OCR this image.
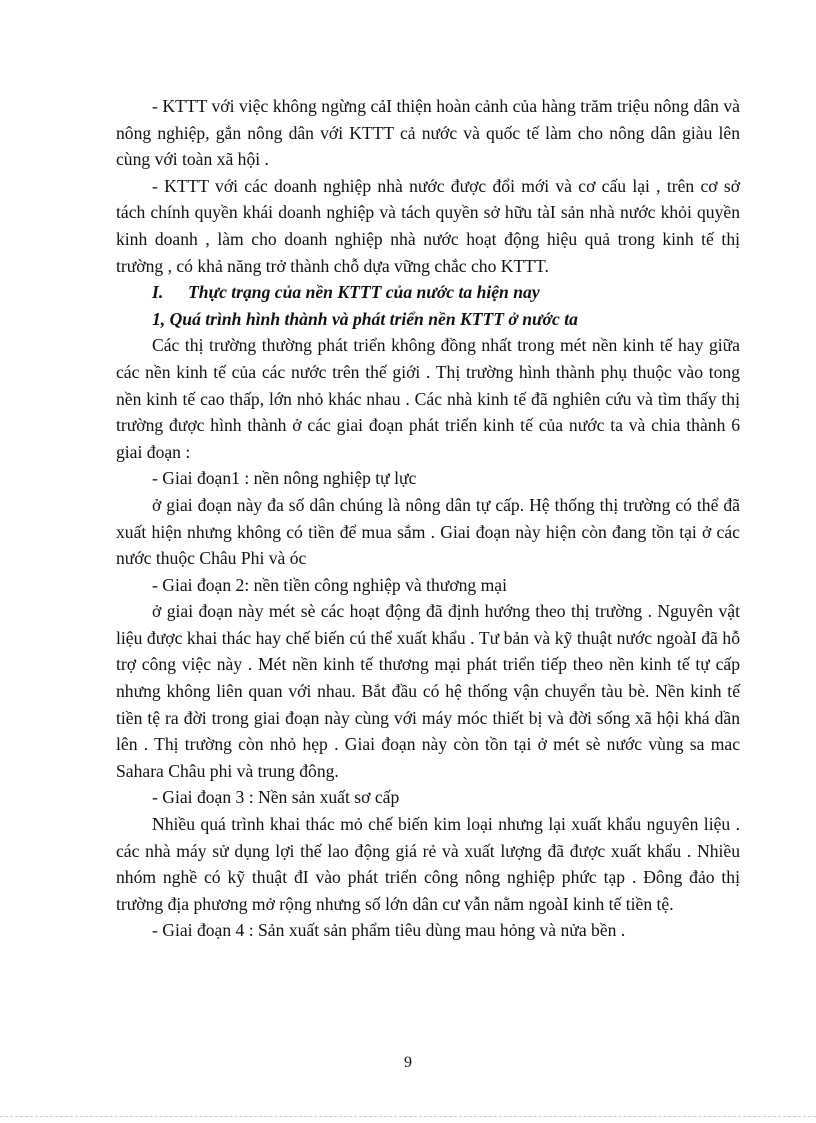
- KTTT với việc không ngừng cảI thiện hoàn cảnh của hàng trăm triệu nông dân và nông nghiệp, gắn nông dân với KTTT cả nước và quốc tế làm cho nông dân giàu lên cùng với toàn xã hội .

- KTTT với các doanh nghiệp nhà nước được đổi mới và cơ cấu lại , trên cơ sở tách chính quyền khái doanh nghiệp và tách quyền sở hữu tàI sản nhà nước khỏi quyền kinh doanh , làm cho doanh nghiệp nhà nước hoạt động hiệu quả trong kinh tế thị trường , có khả năng trở thành chỗ dựa vững chắc cho KTTT.

I. Thực trạng của nền KTTT của nước ta hiện nay

1, Quá trình hình thành và phát triển nền KTTT ở nước ta

Các thị trường thường phát triển không đồng nhất trong mét nền kinh tế hay giữa các nền kinh tế của các nước trên thế giới . Thị trường hình thành phụ thuộc vào tong nền kinh tế cao thấp, lớn nhỏ khác nhau . Các nhà kinh tế đã nghiên cứu và tìm thấy thị trường được hình thành ở các giai đoạn phát triển kinh tế của nước ta và chia thành 6 giai đoạn :

- Giai đoạn1 : nền nông nghiệp tự lực

ở giai đoạn này đa số dân chúng là nông dân tự cấp. Hệ thống thị trường có thể đã xuất hiện nhưng không có tiền để mua sắm . Giai đoạn này hiện còn đang tồn tại ở các nước thuộc Châu Phi và óc

- Giai đoạn 2: nền tiền công nghiệp và thương mại

ở giai đoạn này mét sè các hoạt động đã định hướng theo thị trường . Nguyên vật liệu được khai thác hay chế biến cú thể xuất khẩu . Tư bản và kỹ thuật nước ngoàI đã hỗ trợ công việc này . Mét nền kinh tế thương mại phát triển tiếp theo nền kinh tế tự cấp nhưng không liên quan với nhau. Bắt đầu có hệ thống vận chuyển tàu bè. Nền kinh tế tiền tệ ra đời trong giai đoạn này cùng với máy móc thiết bị và đời sống xã hội khá dần lên . Thị trường còn nhỏ hẹp . Giai đoạn này còn tồn tại ở mét sè nước vùng sa mac Sahara Châu phi và trung đông.

- Giai đoạn 3 : Nền sản xuất sơ cấp

Nhiều quá trình khai thác mỏ chế biến kim loại nhưng lại xuất khẩu nguyên liệu . các nhà máy sử dụng lợi thế lao động giá rẻ và xuất lượng đã được xuất khẩu . Nhiều nhóm nghề có kỹ thuật đI vào phát triển công nông nghiệp phức tạp . Đông đảo thị trường địa phương mở rộng nhưng số lớn dân cư vẫn nằm ngoàI kinh tế tiền tệ.

- Giai đoạn 4 : Sản xuất sản phẩm tiêu dùng mau hỏng và nửa bền .

9
